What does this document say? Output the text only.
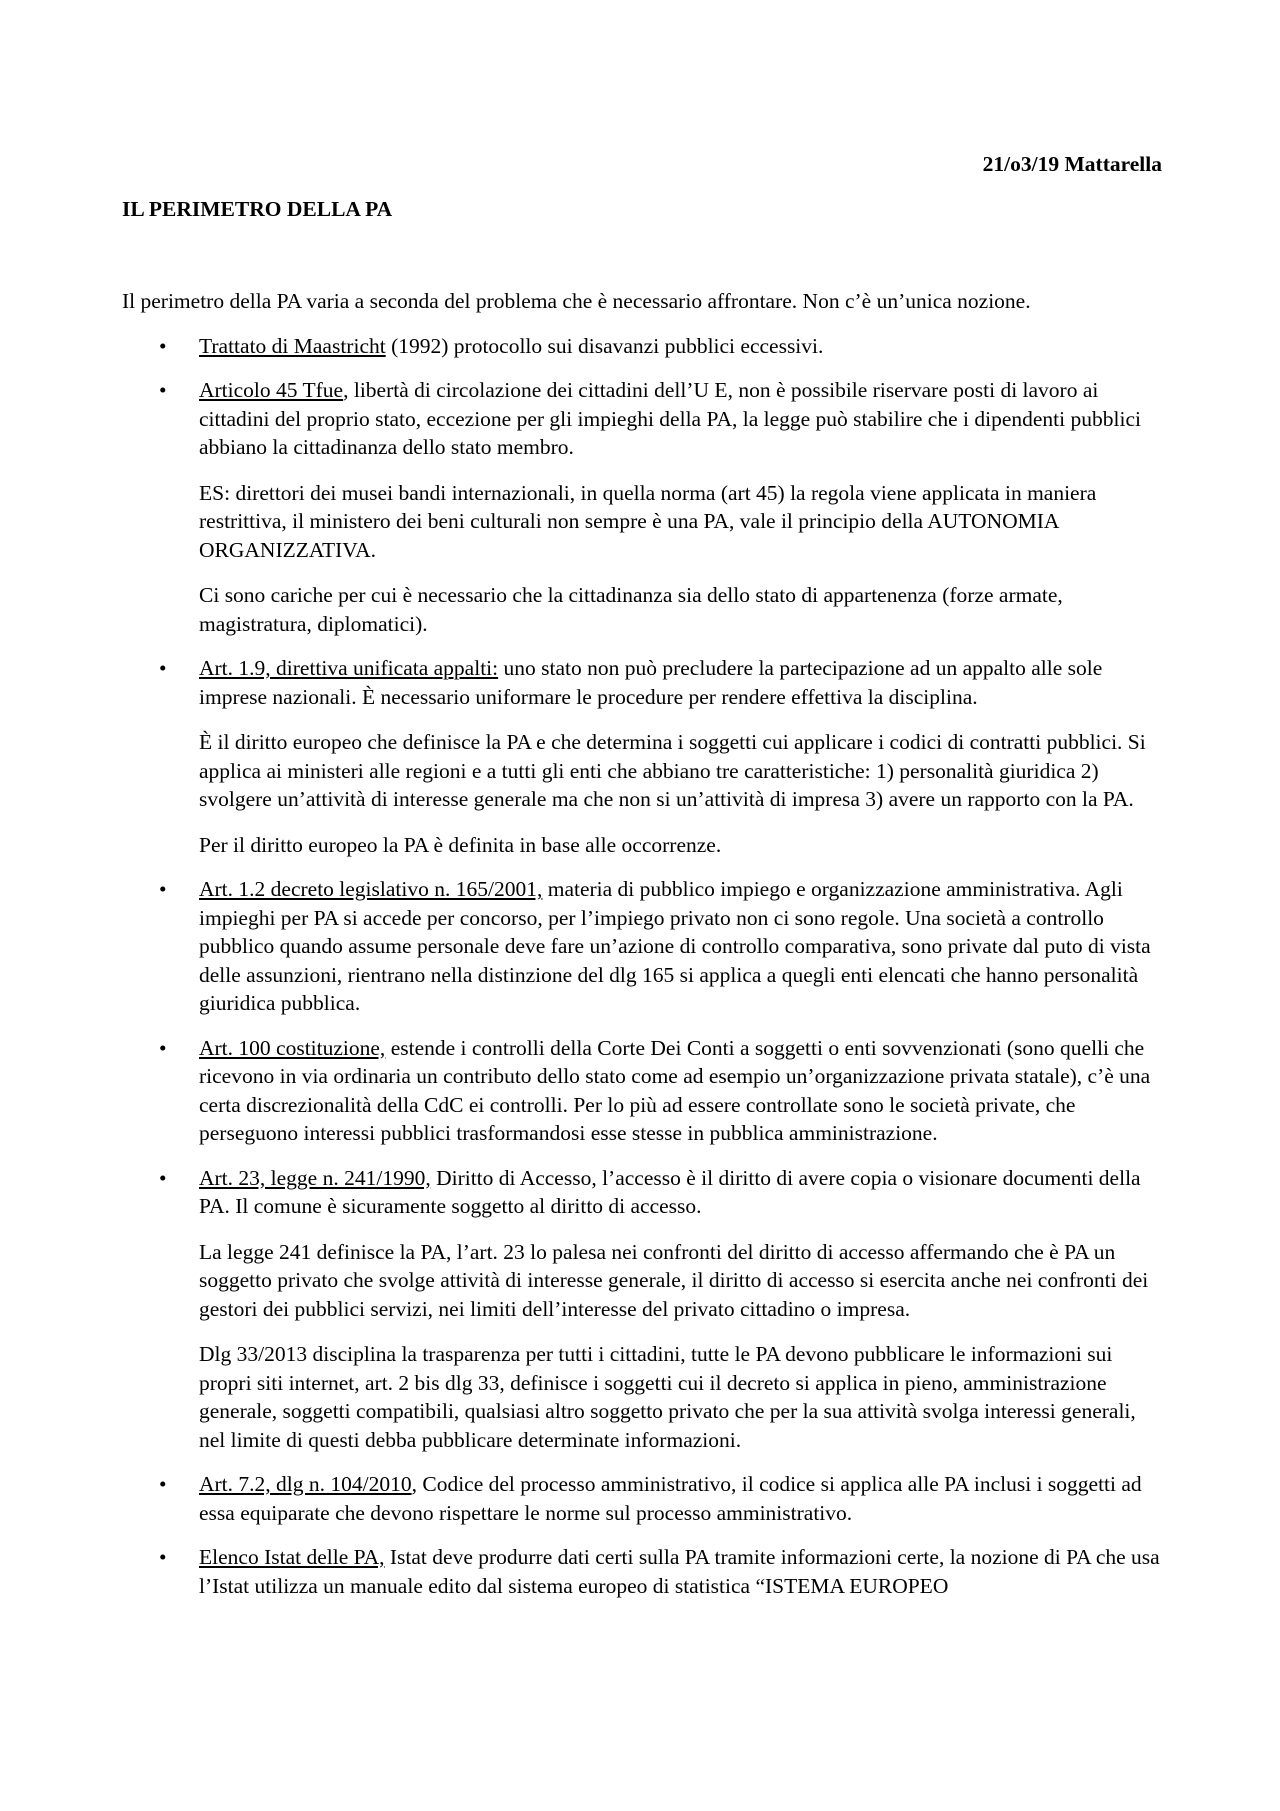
21/o3/19 Mattarella

IL PERIMETRO DELLA PA

Il perimetro della PA varia a seconda del problema che è necessario affrontare. Non c’è un’unica nozione.

• Trattato di Maastricht (1992) protocollo sui disavanzi pubblici eccessivi.

• Articolo 45 Tfue, libertà di circolazione dei cittadini dell’U E, non è possibile riservare posti di lavoro ai cittadini del proprio stato, eccezione per gli impieghi della PA, la legge può stabilire che i dipendenti pubblici abbiano la cittadinanza dello stato membro.

ES: direttori dei musei bandi internazionali, in quella norma (art 45) la regola viene applicata in maniera restrittiva, il ministero dei beni culturali non sempre è una PA, vale il principio della AUTONOMIA ORGANIZZATIVA.

Ci sono cariche per cui è necessario che la cittadinanza sia dello stato di appartenenza (forze armate, magistratura, diplomatici).

• Art. 1.9, direttiva unificata appalti: uno stato non può precludere la partecipazione ad un appalto alle sole imprese nazionali. È necessario uniformare le procedure per rendere effettiva la disciplina.

È il diritto europeo che definisce la PA e che determina i soggetti cui applicare i codici di contratti pubblici. Si applica ai ministeri alle regioni e a tutti gli enti che abbiano tre caratteristiche: 1) personalità giuridica 2) svolgere un’attività di interesse generale ma che non si un’attività di impresa 3) avere un rapporto con la PA.

Per il diritto europeo la PA è definita in base alle occorrenze.

• Art. 1.2 decreto legislativo n. 165/2001, materia di pubblico impiego e organizzazione amministrativa. Agli impieghi per PA si accede per concorso, per l’impiego privato non ci sono regole. Una società a controllo pubblico quando assume personale deve fare un’azione di controllo comparativa, sono private dal puto di vista delle assunzioni, rientrano nella distinzione del dlg 165 si applica a quegli enti elencati che hanno personalità giuridica pubblica.

• Art. 100 costituzione, estende i controlli della Corte Dei Conti a soggetti o enti sovvenzionati (sono quelli che ricevono in via ordinaria un contributo dello stato come ad esempio un’organizzazione privata statale), c’è una certa discrezionalità della CdC ei controlli. Per lo più ad essere controllate sono le società private, che perseguono interessi pubblici trasformandosi esse stesse in pubblica amministrazione.

• Art. 23, legge n. 241/1990, Diritto di Accesso, l’accesso è il diritto di avere copia o visionare documenti della PA. Il comune è sicuramente soggetto al diritto di accesso.

La legge 241 definisce la PA, l’art. 23 lo palesa nei confronti del diritto di accesso affermando che è PA un soggetto privato che svolge attività di interesse generale, il diritto di accesso si esercita anche nei confronti dei gestori dei pubblici servizi, nei limiti dell’interesse del privato cittadino o impresa.

Dlg 33/2013 disciplina la trasparenza per tutti i cittadini, tutte le PA devono pubblicare le informazioni sui propri siti internet, art. 2 bis dlg 33, definisce i soggetti cui il decreto si applica in pieno, amministrazione generale, soggetti compatibili, qualsiasi altro soggetto privato che per la sua attività svolga interessi generali, nel limite di questi debba pubblicare determinate informazioni.

• Art. 7.2, dlg n. 104/2010, Codice del processo amministrativo, il codice si applica alle PA inclusi i soggetti ad essa equiparate che devono rispettare le norme sul processo amministrativo.

• Elenco Istat delle PA, Istat deve produrre dati certi sulla PA tramite informazioni certe, la nozione di PA che usa l’Istat utilizza un manuale edito dal sistema europeo di statistica “ISTEMA EUROPEO
